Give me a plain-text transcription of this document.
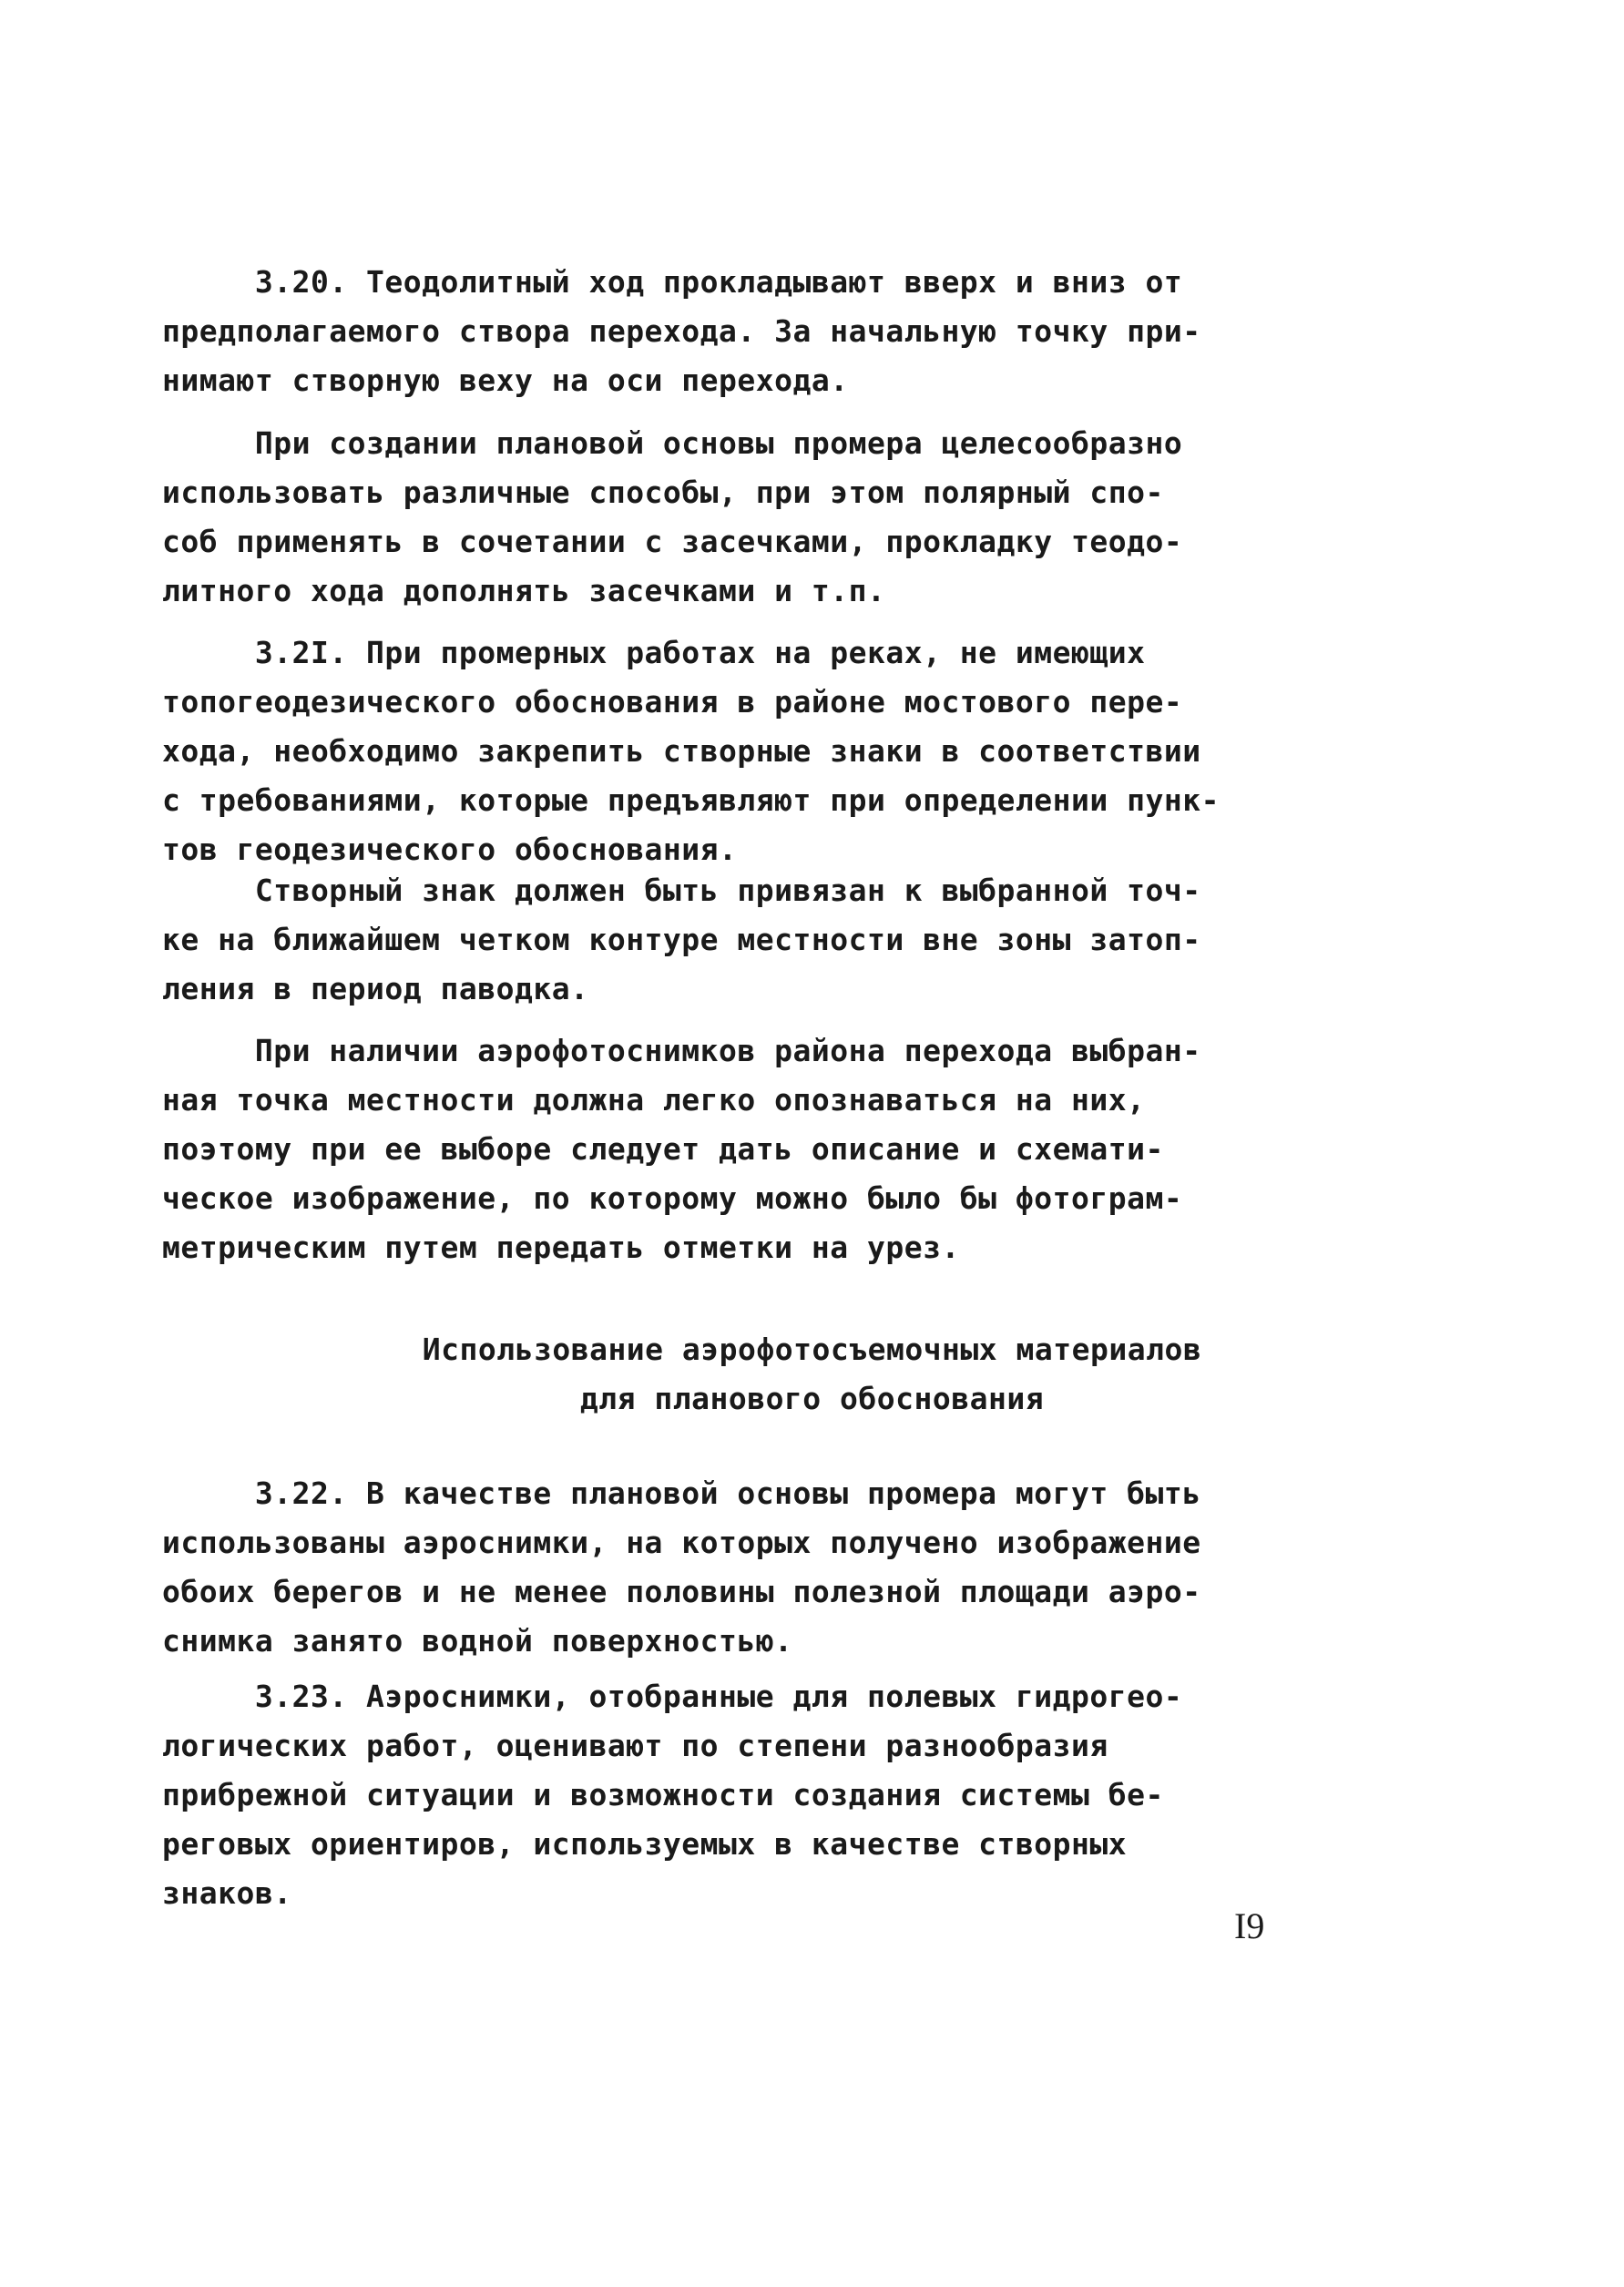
3.20. Теодолитный ход прокладывают вверх и вниз от
предполагаемого створа перехода. За начальную точку при-
нимают створную веху на оси перехода.
При создании плановой основы промера целесообразно
использовать различные способы, при этом полярный спо-
соб применять в сочетании с засечками, прокладку теодо-
литного хода дополнять засечками и т.п.
3.2I. При промерных работах на реках, не имеющих
топогеодезического обоснования в районе мостового пере-
хода, необходимо закрепить створные знаки в соответствии
с требованиями, которые предъявляют при определении пунк-
тов геодезического обоснования.
Створный знак должен быть привязан к выбранной точ-
ке на ближайшем четком контуре местности вне зоны затоп-
ления в период паводка.
При наличии аэрофотоснимков района перехода выбран-
ная точка местности должна легко опознаваться на них,
поэтому при ее выборе следует дать описание и схемати-
ческое изображение, по которому можно было бы фотограм-
метрическим путем передать отметки на урез.
Использование аэрофотосъемочных материалов
для планового обоснования
3.22. В качестве плановой основы промера могут быть
использованы аэроснимки, на которых получено изображение
обоих берегов и не менее половины полезной площади аэро-
снимка занято водной поверхностью.
3.23. Аэроснимки, отобранные для полевых гидрогео-
логических работ, оценивают по степени разнообразия
прибрежной ситуации и возможности создания системы бе-
реговых ориентиров, используемых в качестве створных
знаков.
I9
